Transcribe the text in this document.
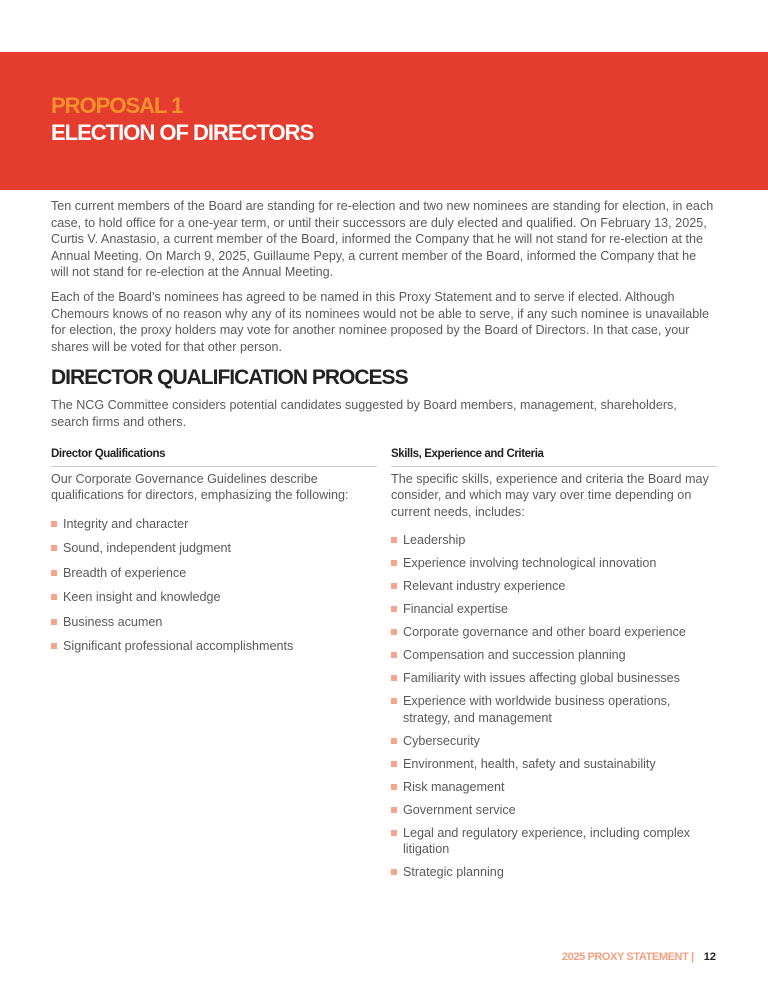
PROPOSAL 1
ELECTION OF DIRECTORS

Ten current members of the Board are standing for re-election and two new nominees are standing for election, in each case, to hold office for a one-year term, or until their successors are duly elected and qualified. On February 13, 2025, Curtis V. Anastasio, a current member of the Board, informed the Company that he will not stand for re-election at the Annual Meeting. On March 9, 2025, Guillaume Pepy, a current member of the Board, informed the Company that he will not stand for re-election at the Annual Meeting.

Each of the Board’s nominees has agreed to be named in this Proxy Statement and to serve if elected. Although Chemours knows of no reason why any of its nominees would not be able to serve, if any such nominee is unavailable for election, the proxy holders may vote for another nominee proposed by the Board of Directors. In that case, your shares will be voted for that other person.

DIRECTOR QUALIFICATION PROCESS

The NCG Committee considers potential candidates suggested by Board members, management, shareholders, search firms and others.

Director Qualifications

Our Corporate Governance Guidelines describe qualifications for directors, emphasizing the following:

Integrity and character
Sound, independent judgment
Breadth of experience
Keen insight and knowledge
Business acumen
Significant professional accomplishments
Skills, Experience and Criteria

The specific skills, experience and criteria the Board may consider, and which may vary over time depending on current needs, includes:

Leadership
Experience involving technological innovation
Relevant industry experience
Financial expertise
Corporate governance and other board experience
Compensation and succession planning
Familiarity with issues affecting global businesses
Experience with worldwide business operations, strategy, and management
Cybersecurity
Environment, health, safety and sustainability
Risk management
Government service
Legal and regulatory experience, including complex litigation
Strategic planning
2025 PROXY STATEMENT | 12
